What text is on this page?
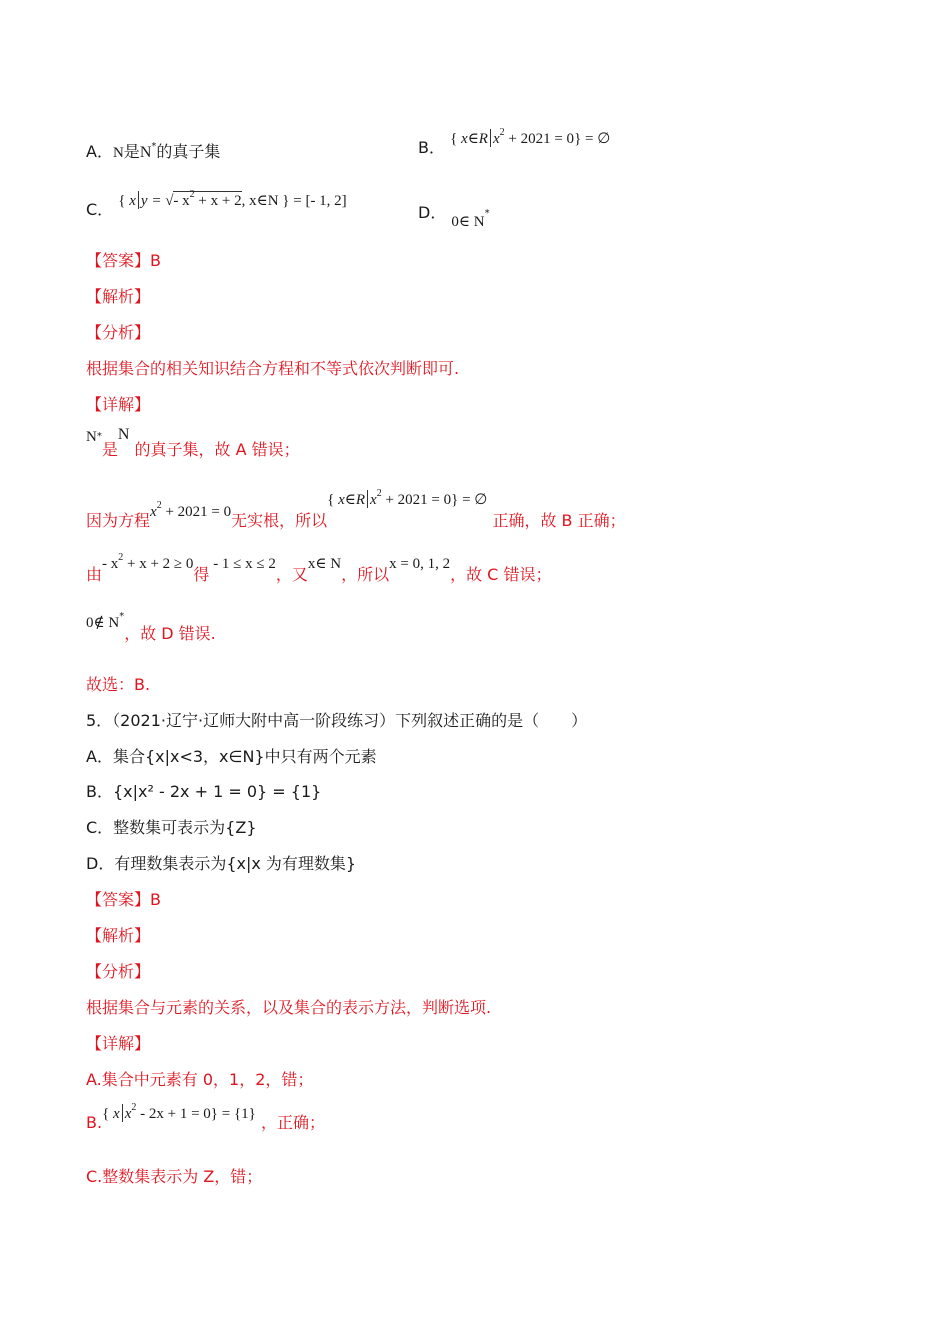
A．N是N*的真子集	B． { x∈R $x^2 + 2021 = 0$} = ∅
C． { x y = √- $x^2 + x + 2$, x∈N } = [- 1, 2]
D． 0∈ N*
【答案】B
【解析】
【分析】
根据集合的相关知识结合方程和不等式依次判断即可.
【详解】
N*是N 的真子集，故 A 错误；
因为方程$x^2 + 2021 = 0$无实根，所以{ x∈R $x^2 + 2021 = 0$} = ∅ 正确，故 B 正确；
由- $x^2 + x + 2 \ge 0$得 - 1 ≤ x ≤ 2，又x∈ N，所以x = 0, 1, 2，故 C 错误；
0∉ N*，故 D 错误.
故选：B.
5．（2021·辽宁·辽师大附中高一阶段练习）下列叙述正确的是（　　）
A．集合{x|x<3，x∈N}中只有两个元素
B．{x|x² - 2x + 1 = 0} = {1}
C．整数集可表示为{Z}
D．有理数集表示为{x|x 为有理数集}
【答案】B
【解析】
【分析】
根据集合与元素的关系，以及集合的表示方法，判断选项.
【详解】
A.集合中元素有 0，1，2，错；
B.{ x $x^2 - 2x + 1 = 0\} = \{1\}$ ，正确；
C.整数集表示为 Z，错；
